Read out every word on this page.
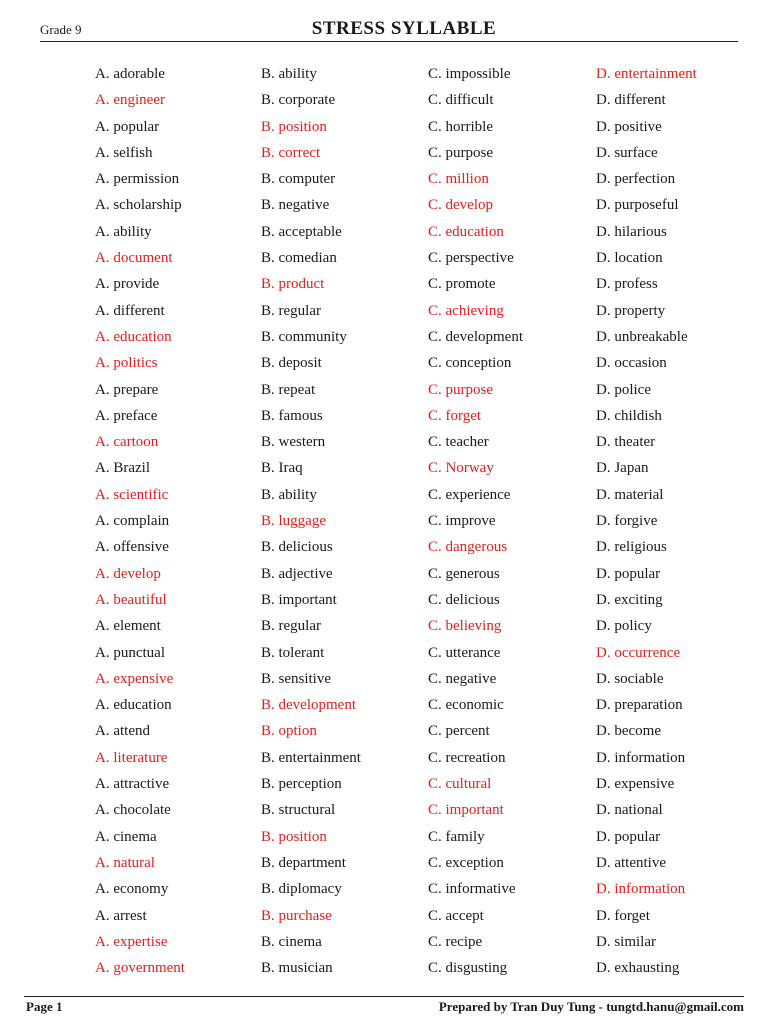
Grade 9	STRESS SYLLABLE
A. adorable	B. ability	C. impossible	D. entertainment
A. engineer	B. corporate	C. difficult	D. different
A. popular	B. position	C. horrible	D. positive
A. selfish	B. correct	C. purpose	D. surface
A. permission	B. computer	C. million	D. perfection
A. scholarship	B. negative	C. develop	D. purposeful
A. ability	B. acceptable	C. education	D. hilarious
A. document	B. comedian	C. perspective	D. location
A. provide	B. product	C. promote	D. profess
A. different	B. regular	C. achieving	D. property
A. education	B. community	C. development	D. unbreakable
A. politics	B. deposit	C. conception	D. occasion
A. prepare	B. repeat	C. purpose	D. police
A. preface	B. famous	C. forget	D. childish
A. cartoon	B. western	C. teacher	D. theater
A. Brazil	B. Iraq	C. Norway	D. Japan
A. scientific	B. ability	C. experience	D. material
A. complain	B. luggage	C. improve	D. forgive
A. offensive	B. delicious	C. dangerous	D. religious
A. develop	B. adjective	C. generous	D. popular
A. beautiful	B. important	C. delicious	D. exciting
A. element	B. regular	C. believing	D. policy
A. punctual	B. tolerant	C. utterance	D. occurrence
A. expensive	B. sensitive	C. negative	D. sociable
A. education	B. development	C. economic	D. preparation
A. attend	B. option	C. percent	D. become
A. literature	B. entertainment	C. recreation	D. information
A. attractive	B. perception	C. cultural	D. expensive
A. chocolate	B. structural	C. important	D. national
A. cinema	B. position	C. family	D. popular
A. natural	B. department	C. exception	D. attentive
A. economy	B. diplomacy	C. informative	D. information
A. arrest	B. purchase	C. accept	D. forget
A. expertise	B. cinema	C. recipe	D. similar
A. government	B. musician	C. disgusting	D. exhausting
Page 1	Prepared by Tran Duy Tung - tungtd.hanu@gmail.com
